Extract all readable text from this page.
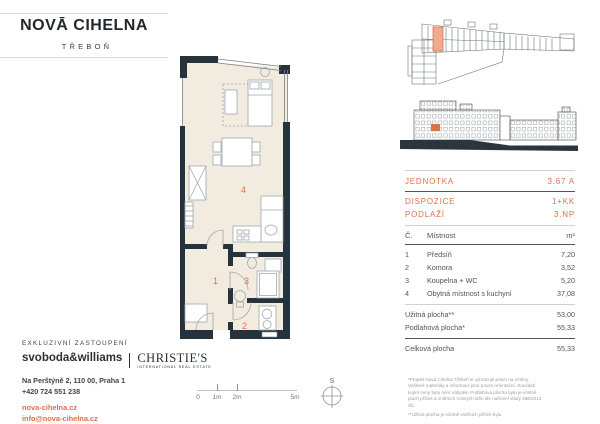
NOVĀ CIHELNA
TŘEBOŇ
4
1	3
2
JEDNOTKA	3.67 A
DISPOZICE	1+KK
PODLAŽÍ	3.NP
Č.	Místnost	m²
1	Předsíň	7,20
2	Komora	3,52
3	Koupelna + WC	5,20
4	Obytná místnost s kuchyní	37,08
Užitná plocha**	53,00
Podlahová plocha*	55,33
Celková plocha	55,33

*Projekt Nová Cihelna Třeboň si vyhrazuje právo na změny. Veškeré materiály a informace jsou pouze orientační. Součástí kupní ceny bytu není nábytek. Podlahová plocha bytu je včetně ploch příček a vnitřních nosných stěn dle nařízení vlády 366/2013 Sb.

**Užitná plocha je včetně vnitřních příček bytu

EXKLUZIVNÍ ZASTOUPENÍ
svoboda&williams CHRISTIE'S
INTERNATIONAL REAL ESTATE
Na Perštýně 2, 110 00, Praha 1
+420 724 551 238
nova-cihelna.cz
info@nova-cihelna.cz
0	1m	2m	5m
S
